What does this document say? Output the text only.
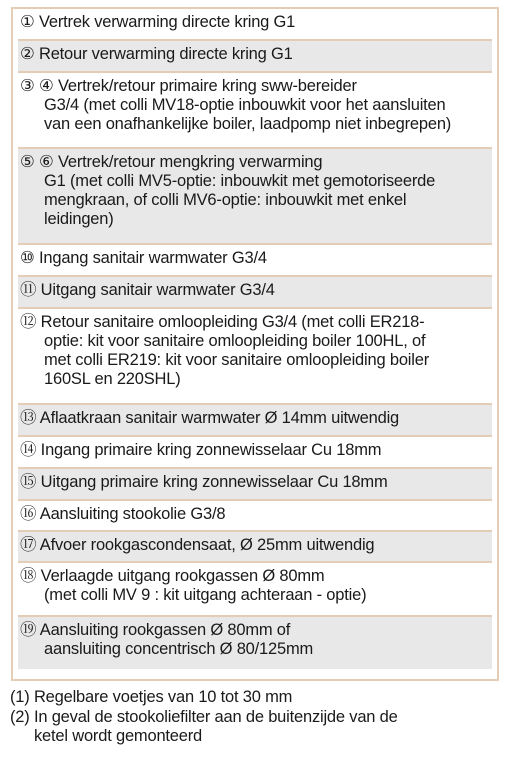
① Vertrek verwarming directe kring G1
② Retour verwarming directe kring G1
③ ④ Vertrek/retour primaire kring sww-bereider
G3/4 (met colli MV18-optie inbouwkit voor het aansluiten
van een onafhankelijke boiler, laadpomp niet inbegrepen)
⑤ ⑥ Vertrek/retour mengkring verwarming
G1 (met colli MV5-optie: inbouwkit met gemotoriseerde
mengkraan, of colli MV6-optie: inbouwkit met enkel
leidingen)
⑩ Ingang sanitair warmwater G3/4
⑪ Uitgang sanitair warmwater G3/4
⑫ Retour sanitaire omloopleiding G3/4 (met colli ER218-
optie: kit voor sanitaire omloopleiding boiler 100HL, of
met colli ER219: kit voor sanitaire omloopleiding boiler
160SL en 220SHL)
⑬ Aflaatkraan sanitair warmwater Ø 14mm uitwendig
⑭ Ingang primaire kring zonnewisselaar Cu 18mm
⑮ Uitgang primaire kring zonnewisselaar Cu 18mm
⑯ Aansluiting stookolie G3/8
⑰ Afvoer rookgascondensaat, Ø 25mm uitwendig
⑱ Verlaagde uitgang rookgassen Ø 80mm
(met colli MV 9 : kit uitgang achteraan - optie)
⑲ Aansluiting rookgassen Ø 80mm of
aansluiting concentrisch Ø 80/125mm
(1) Regelbare voetjes van 10 tot 30 mm
(2) In geval de stookoliefilter aan de buitenzijde van de
ketel wordt gemonteerd
